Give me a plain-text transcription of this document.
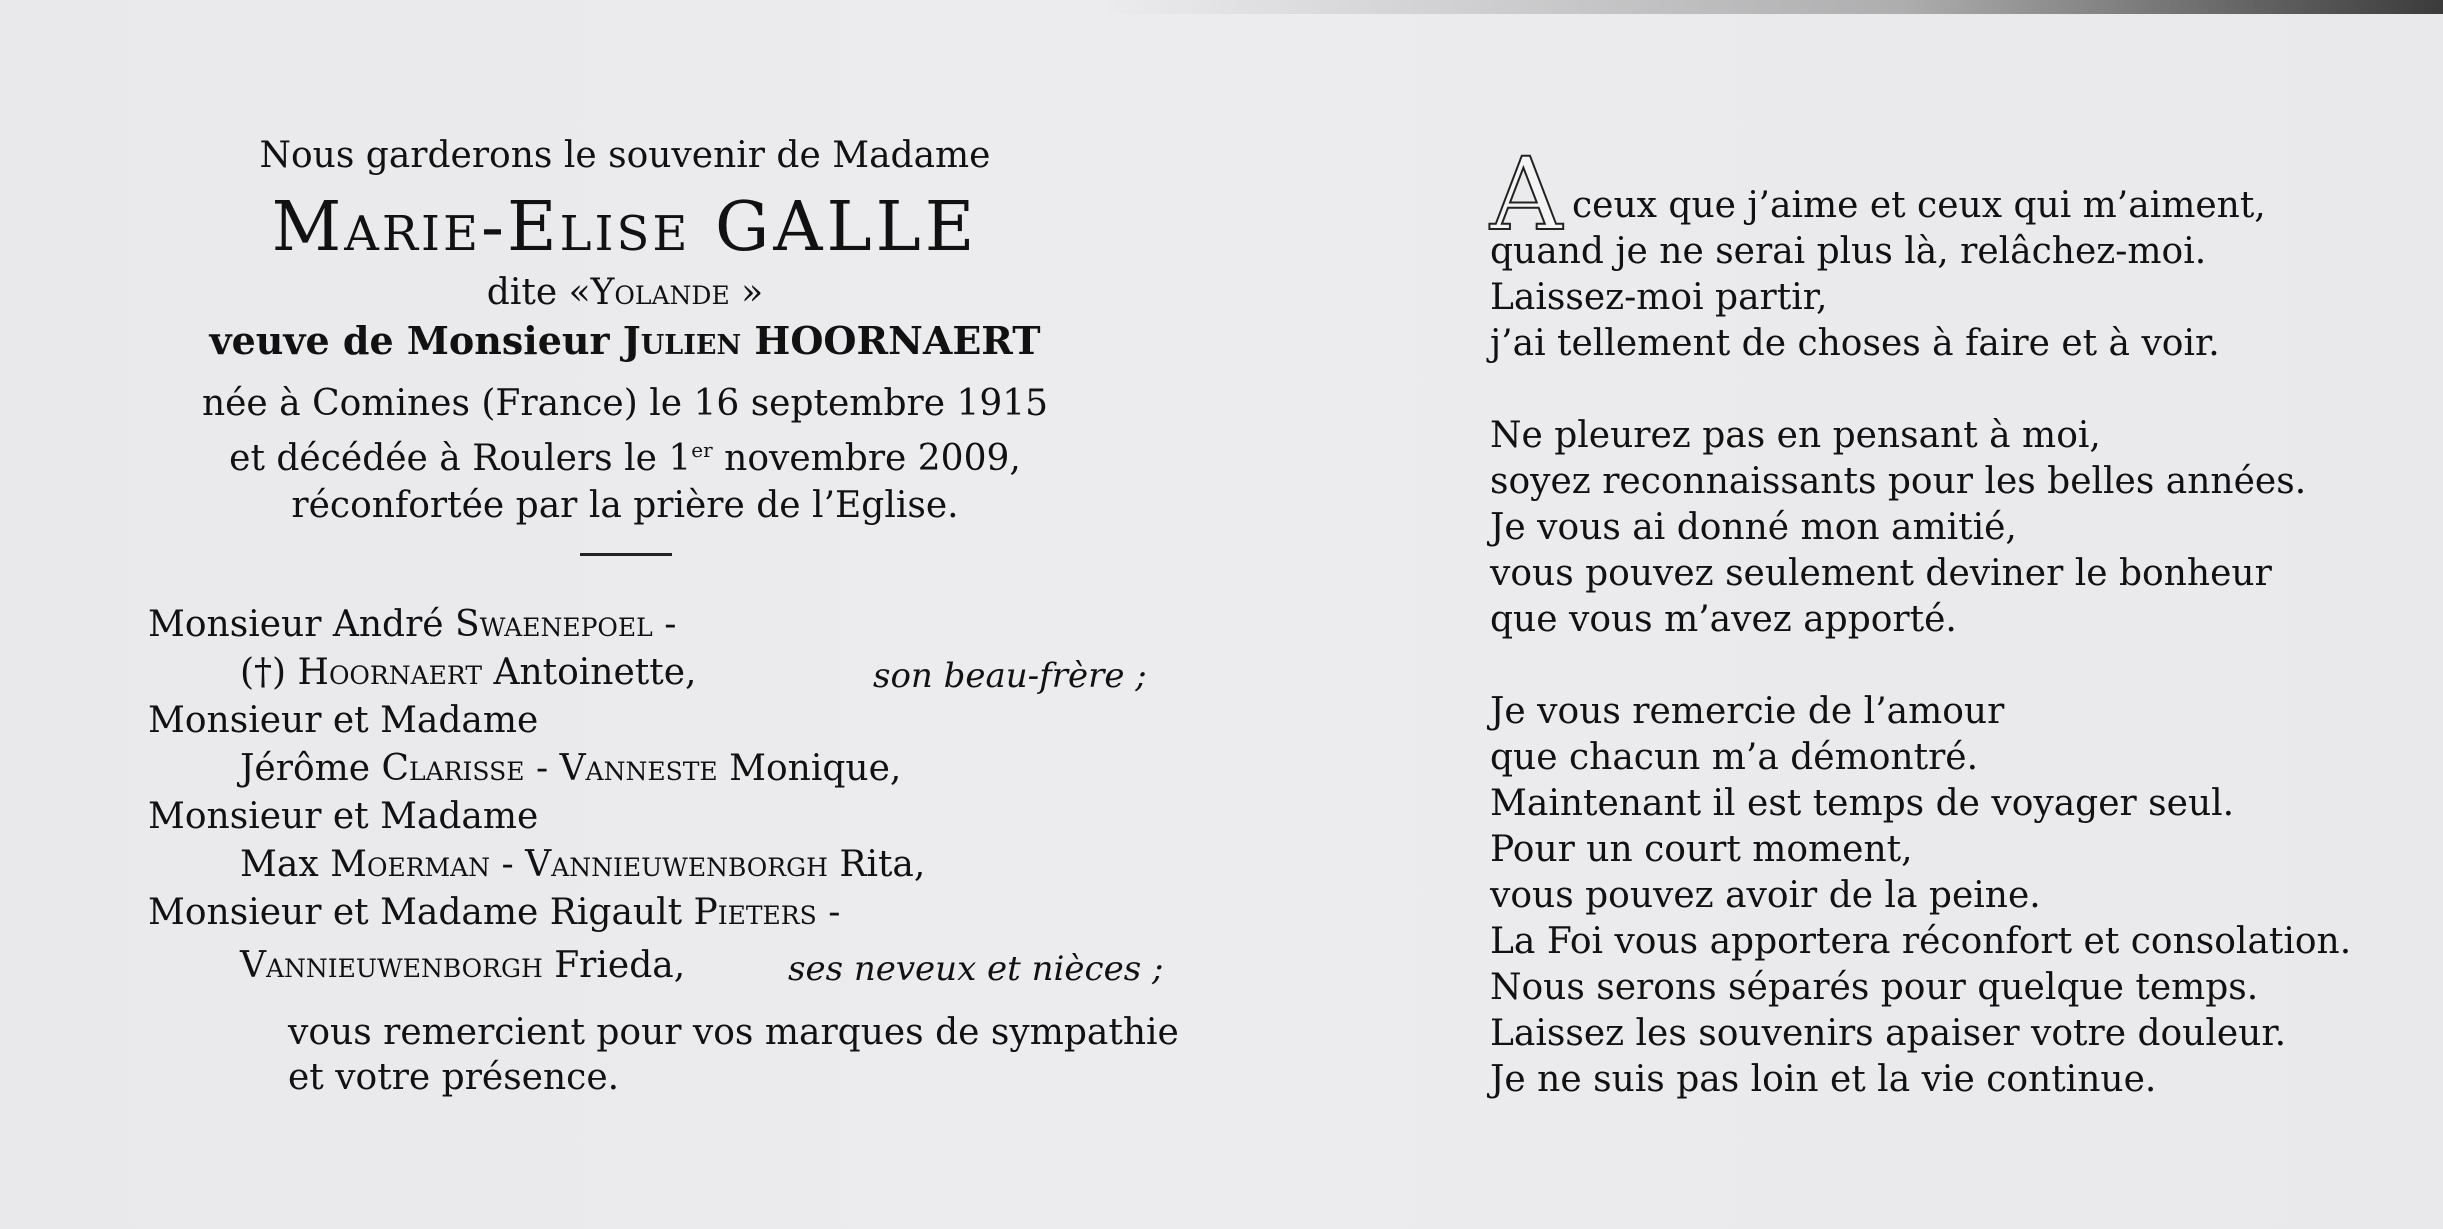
Nous garderons le souvenir de Madame
Marie-Elise GALLE
dite «Yolande »
veuve de Monsieur Julien HOORNAERT
née à Comines (France) le 16 septembre 1915
et décédée à Roulers le 1er novembre 2009,
réconfortée par la prière de l’Eglise.
Monsieur André Swaenepoel -
(†) Hoornaert Antoinette,	son beau-frère ;
Monsieur et Madame
Jérôme Clarisse - Vanneste Monique,
Monsieur et Madame
Max Moerman - Vannieuwenborgh Rita,
Monsieur et Madame Rigault Pieters -
Vannieuwenborgh Frieda,	ses neveux et nièces ;
vous remercient pour vos marques de sympathie
et votre présence.
A ceux que j’aime et ceux qui m’aiment,

quand je ne serai plus là, relâchez-moi.

Laissez-moi partir,

j’ai tellement de choses à faire et à voir.

Ne pleurez pas en pensant à moi,

soyez reconnaissants pour les belles années.

Je vous ai donné mon amitié,

vous pouvez seulement deviner le bonheur

que vous m’avez apporté.

Je vous remercie de l’amour

que chacun m’a démontré.

Maintenant il est temps de voyager seul.

Pour un court moment,

vous pouvez avoir de la peine.

La Foi vous apportera réconfort et consolation.

Nous serons séparés pour quelque temps.

Laissez les souvenirs apaiser votre douleur.

Je ne suis pas loin et la vie continue.
